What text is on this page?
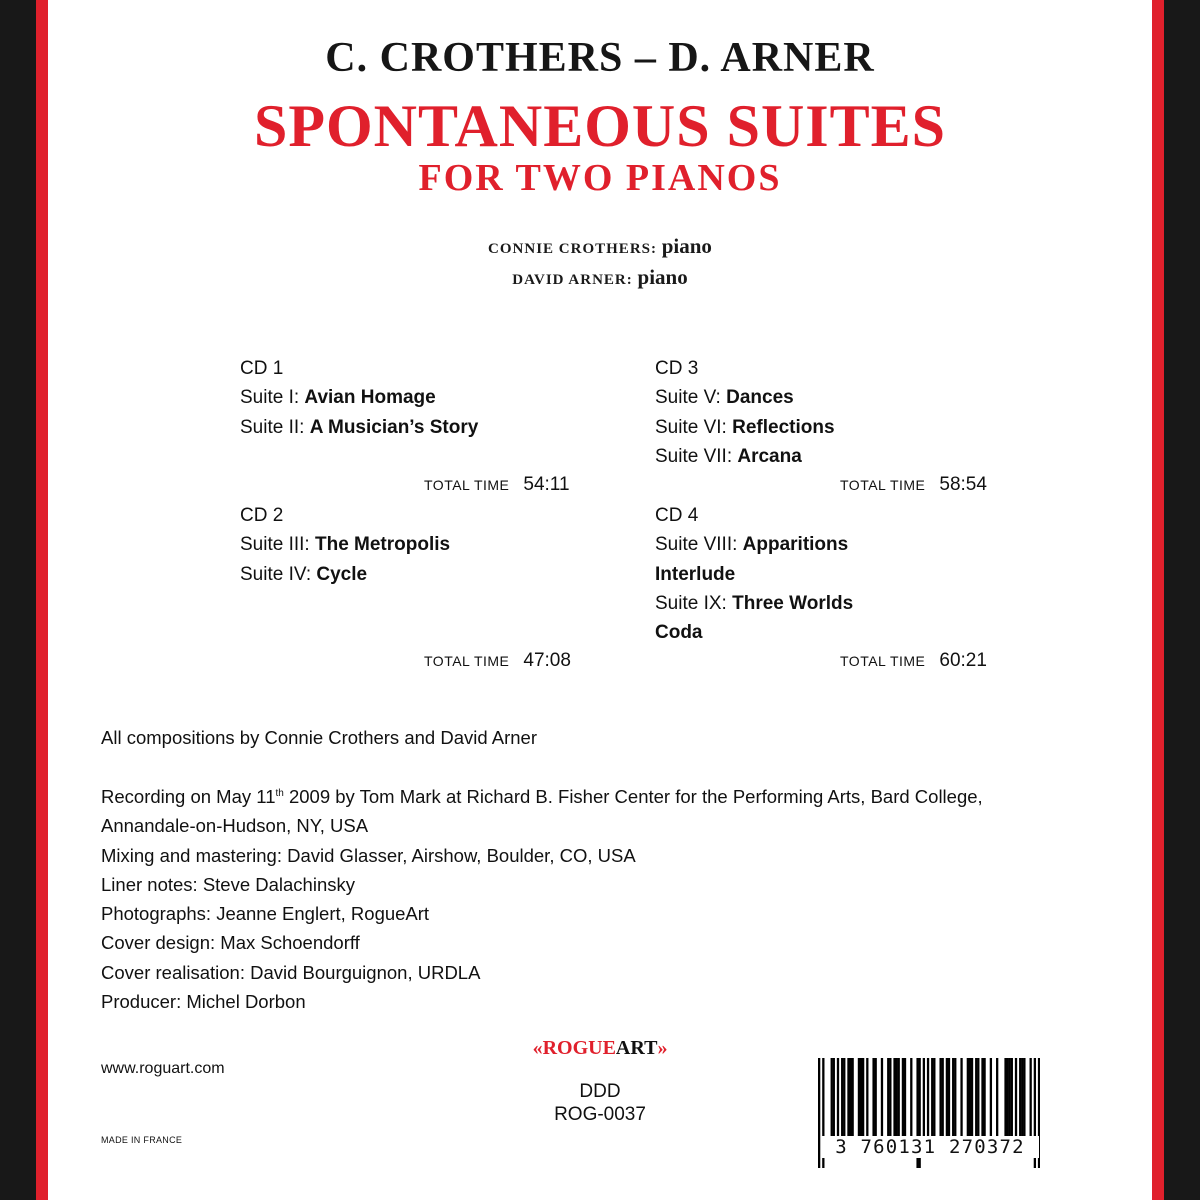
C. CROTHERS – D. ARNER
SPONTANEOUS SUITES
FOR TWO PIANOS
CONNIE CROTHERS: piano
DAVID ARNER: piano
CD 1
Suite I: Avian Homage
Suite II: A Musician’s Story
TOTAL TIME 54:11
CD 2
Suite III: The Metropolis
Suite IV: Cycle
TOTAL TIME 47:08
CD 3
Suite V: Dances
Suite VI: Reflections
Suite VII: Arcana
TOTAL TIME 58:54
CD 4
Suite VIII: Apparitions
Interlude
Suite IX: Three Worlds
Coda
TOTAL TIME 60:21
All compositions by Connie Crothers and David Arner
Recording on May 11th 2009 by Tom Mark at Richard B. Fisher Center for the Performing Arts, Bard College,
Annandale-on-Hudson, NY, USA
Mixing and mastering: David Glasser, Airshow, Boulder, CO, USA
Liner notes: Steve Dalachinsky
Photographs: Jeanne Englert, RogueArt
Cover design: Max Schoendorff
Cover realisation: David Bourguignon, URDLA
Producer: Michel Dorbon
«ROGUEART»
www.roguart.com
DDD
ROG-0037
MADE IN FRANCE	3 760131 270372
